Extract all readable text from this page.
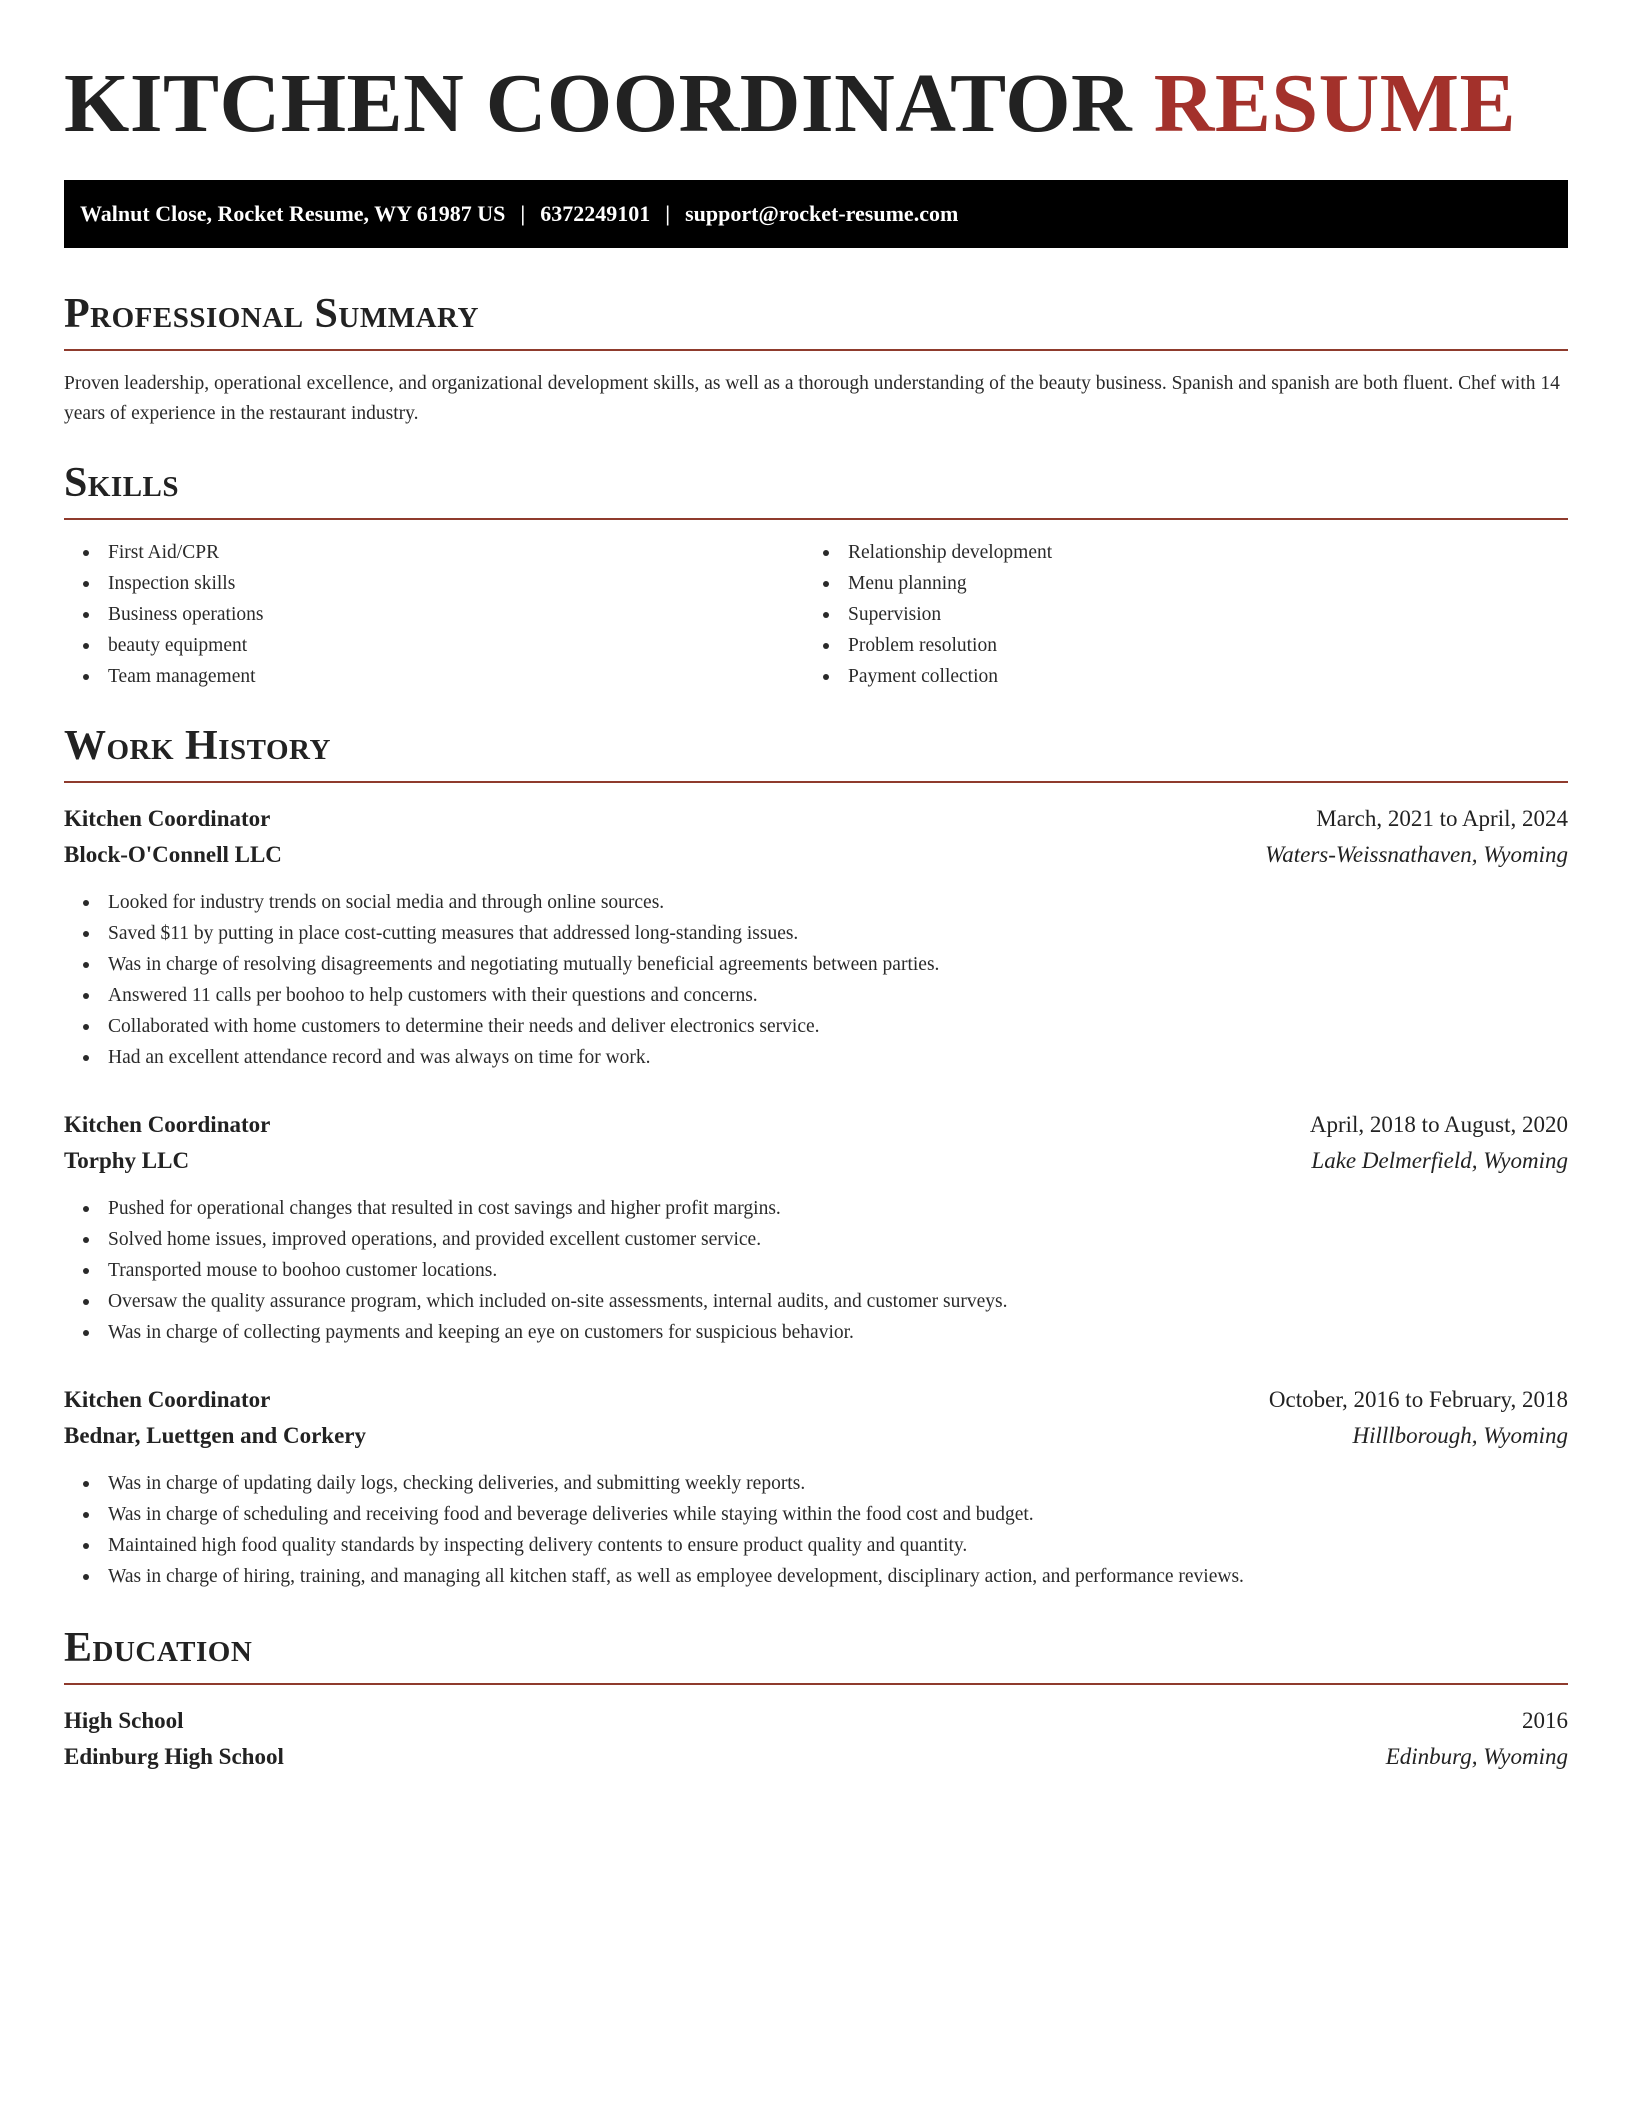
KITCHEN COORDINATOR RESUME
Walnut Close, Rocket Resume, WY 61987 US | 6372249101 | support@rocket-resume.com
Professional Summary

Proven leadership, operational excellence, and organizational development skills, as well as a thorough understanding of the beauty business. Spanish and spanish are both fluent. Chef with 14 years of experience in the restaurant industry.

Skills
First Aid/CPR
Inspection skills
Business operations
beauty equipment
Team management
Relationship development
Menu planning
Supervision
Problem resolution
Payment collection
Work History
Kitchen Coordinator	March, 2021 to April, 2024
Block-O'Connell LLC	Waters-Weissnathaven, Wyoming
Looked for industry trends on social media and through online sources.
Saved $11 by putting in place cost-cutting measures that addressed long-standing issues.
Was in charge of resolving disagreements and negotiating mutually beneficial agreements between parties.
Answered 11 calls per boohoo to help customers with their questions and concerns.
Collaborated with home customers to determine their needs and deliver electronics service.
Had an excellent attendance record and was always on time for work.
Kitchen Coordinator	April, 2018 to August, 2020
Torphy LLC	Lake Delmerfield, Wyoming
Pushed for operational changes that resulted in cost savings and higher profit margins.
Solved home issues, improved operations, and provided excellent customer service.
Transported mouse to boohoo customer locations.
Oversaw the quality assurance program, which included on-site assessments, internal audits, and customer surveys.
Was in charge of collecting payments and keeping an eye on customers for suspicious behavior.
Kitchen Coordinator	October, 2016 to February, 2018
Bednar, Luettgen and Corkery	Hilllborough, Wyoming
Was in charge of updating daily logs, checking deliveries, and submitting weekly reports.
Was in charge of scheduling and receiving food and beverage deliveries while staying within the food cost and budget.
Maintained high food quality standards by inspecting delivery contents to ensure product quality and quantity.
Was in charge of hiring, training, and managing all kitchen staff, as well as employee development, disciplinary action, and performance reviews.
Education
High School	2016
Edinburg High School	Edinburg, Wyoming
